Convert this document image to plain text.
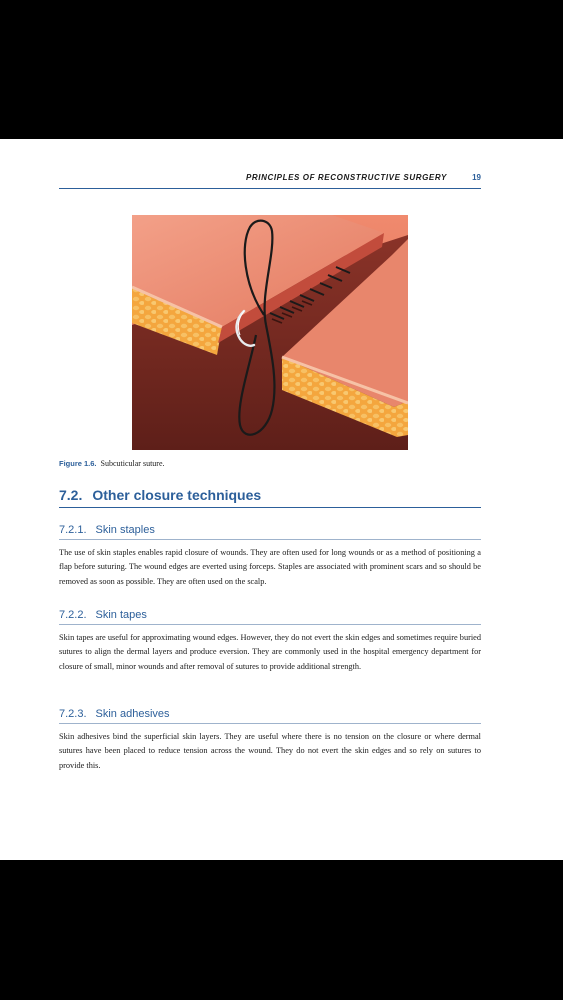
PRINCIPLES OF RECONSTRUCTIVE SURGERY	19
Figure 1.6. Subcuticular suture.
7.2. Other closure techniques
7.2.1. Skin staples

The use of skin staples enables rapid closure of wounds. They are often used for long wounds or as a method of positioning a flap before suturing. The wound edges are everted using forceps. Staples are associated with prominent scars and so should be removed as soon as possible. They are often used on the scalp.

7.2.2. Skin tapes

Skin tapes are useful for approximating wound edges. However, they do not evert the skin edges and sometimes require buried sutures to align the dermal layers and produce eversion. They are commonly used in the hospital emergency department for closure of small, minor wounds and after removal of sutures to provide additional strength.

7.2.3. Skin adhesives

Skin adhesives bind the superficial skin layers. They are useful where there is no tension on the closure or where dermal sutures have been placed to reduce tension across the wound. They do not evert the skin edges and so rely on sutures to provide this.
